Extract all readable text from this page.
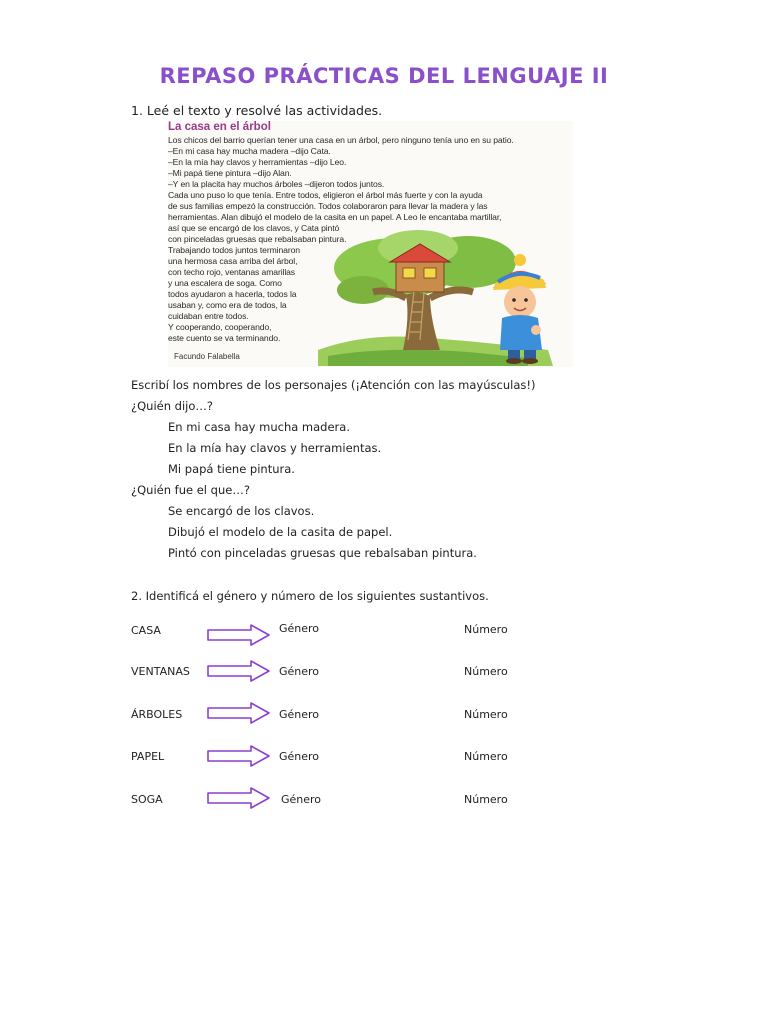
REPASO PRÁCTICAS DEL LENGUAJE II
1. Leé el texto y resolvé las actividades.
La casa en el árbol
Los chicos del barrio querían tener una casa en un árbol, pero ninguno tenía uno en su patio.
–En mi casa hay mucha madera –dijo Cata.
–En la mía hay clavos y herramientas –dijo Leo.
–Mi papá tiene pintura –dijo Alan.
–Y en la placita hay muchos árboles –dijeron todos juntos.
Cada uno puso lo que tenía. Entre todos, eligieron el árbol más fuerte y con la ayuda
de sus familias empezó la construcción. Todos colaboraron para llevar la madera y las
herramientas. Alan dibujó el modelo de la casita en un papel. A Leo le encantaba martillar,
así que se encargó de los clavos, y Cata pintó
con pinceladas gruesas que rebalsaban pintura.
Trabajando todos juntos terminaron
una hermosa casa arriba del árbol,
con techo rojo, ventanas amarillas
y una escalera de soga. Como
todos ayudaron a hacerla, todos la
usaban y, como era de todos, la
cuidaban entre todos.
Y cooperando, cooperando,
este cuento se va terminando.
Facundo Falabella
Escribí los nombres de los personajes (¡Atención con las mayúsculas!)
¿Quién dijo…?
En mi casa hay mucha madera.
En la mía hay clavos y herramientas.
Mi papá tiene pintura.
¿Quién fue el que…?
Se encargó de los clavos.
Dibujó el modelo de la casita de papel.
Pintó con pinceladas gruesas que rebalsaban pintura.
2. Identificá el género y número de los siguientes sustantivos.
CASA	Género	Número
VENTANAS	Género	Número
ÁRBOLES	Género	Número
PAPEL	Género	Número
SOGA	Género	Número
